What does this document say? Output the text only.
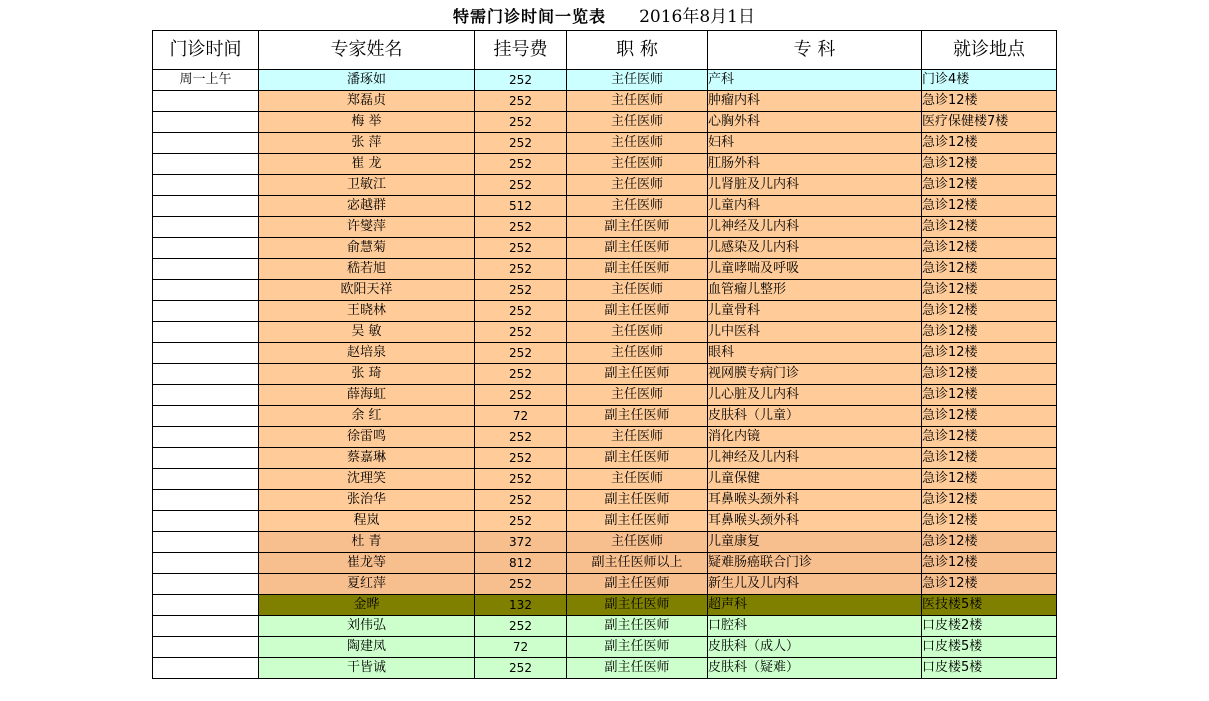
特需门诊时间一览表 2016年8月1日
门诊时间	专家姓名	挂号费	职 称	专 科	就诊地点
周一上午	潘琢如	252	主任医师	产科	门诊4楼
	郑磊贞	252	主任医师	肿瘤内科	急诊12楼
	梅 举	252	主任医师	心胸外科	医疗保健楼7楼
	张 萍	252	主任医师	妇科	急诊12楼
	崔 龙	252	主任医师	肛肠外科	急诊12楼
	卫敏江	252	主任医师	儿肾脏及儿内科	急诊12楼
	宓越群	512	主任医师	儿童内科	急诊12楼
	许燮萍	252	副主任医师	儿神经及儿内科	急诊12楼
	俞慧菊	252	副主任医师	儿感染及儿内科	急诊12楼
	嵇若旭	252	副主任医师	儿童哮喘及呼吸	急诊12楼
	欧阳天祥	252	主任医师	血管瘤儿整形	急诊12楼
	王晓林	252	副主任医师	儿童骨科	急诊12楼
	吴 敏	252	主任医师	儿中医科	急诊12楼
	赵培泉	252	主任医师	眼科	急诊12楼
	张 琦	252	副主任医师	视网膜专病门诊	急诊12楼
	薛海虹	252	主任医师	儿心脏及儿内科	急诊12楼
	余 红	72	副主任医师	皮肤科（儿童）	急诊12楼
	徐雷鸣	252	主任医师	消化内镜	急诊12楼
	蔡嘉琳	252	副主任医师	儿神经及儿内科	急诊12楼
	沈理笑	252	主任医师	儿童保健	急诊12楼
	张治华	252	副主任医师	耳鼻喉头颈外科	急诊12楼
	程岚	252	副主任医师	耳鼻喉头颈外科	急诊12楼
	杜 青	372	主任医师	儿童康复	急诊12楼
	崔龙等	812	副主任医师以上	疑难肠癌联合门诊	急诊12楼
	夏红萍	252	副主任医师	新生儿及儿内科	急诊12楼
	金晔	132	副主任医师	超声科	医技楼5楼
	刘伟弘	252	副主任医师	口腔科	口皮楼2楼
	陶建凤	72	副主任医师	皮肤科（成人）	口皮楼5楼
	干皆诚	252	副主任医师	皮肤科（疑难）	口皮楼5楼
